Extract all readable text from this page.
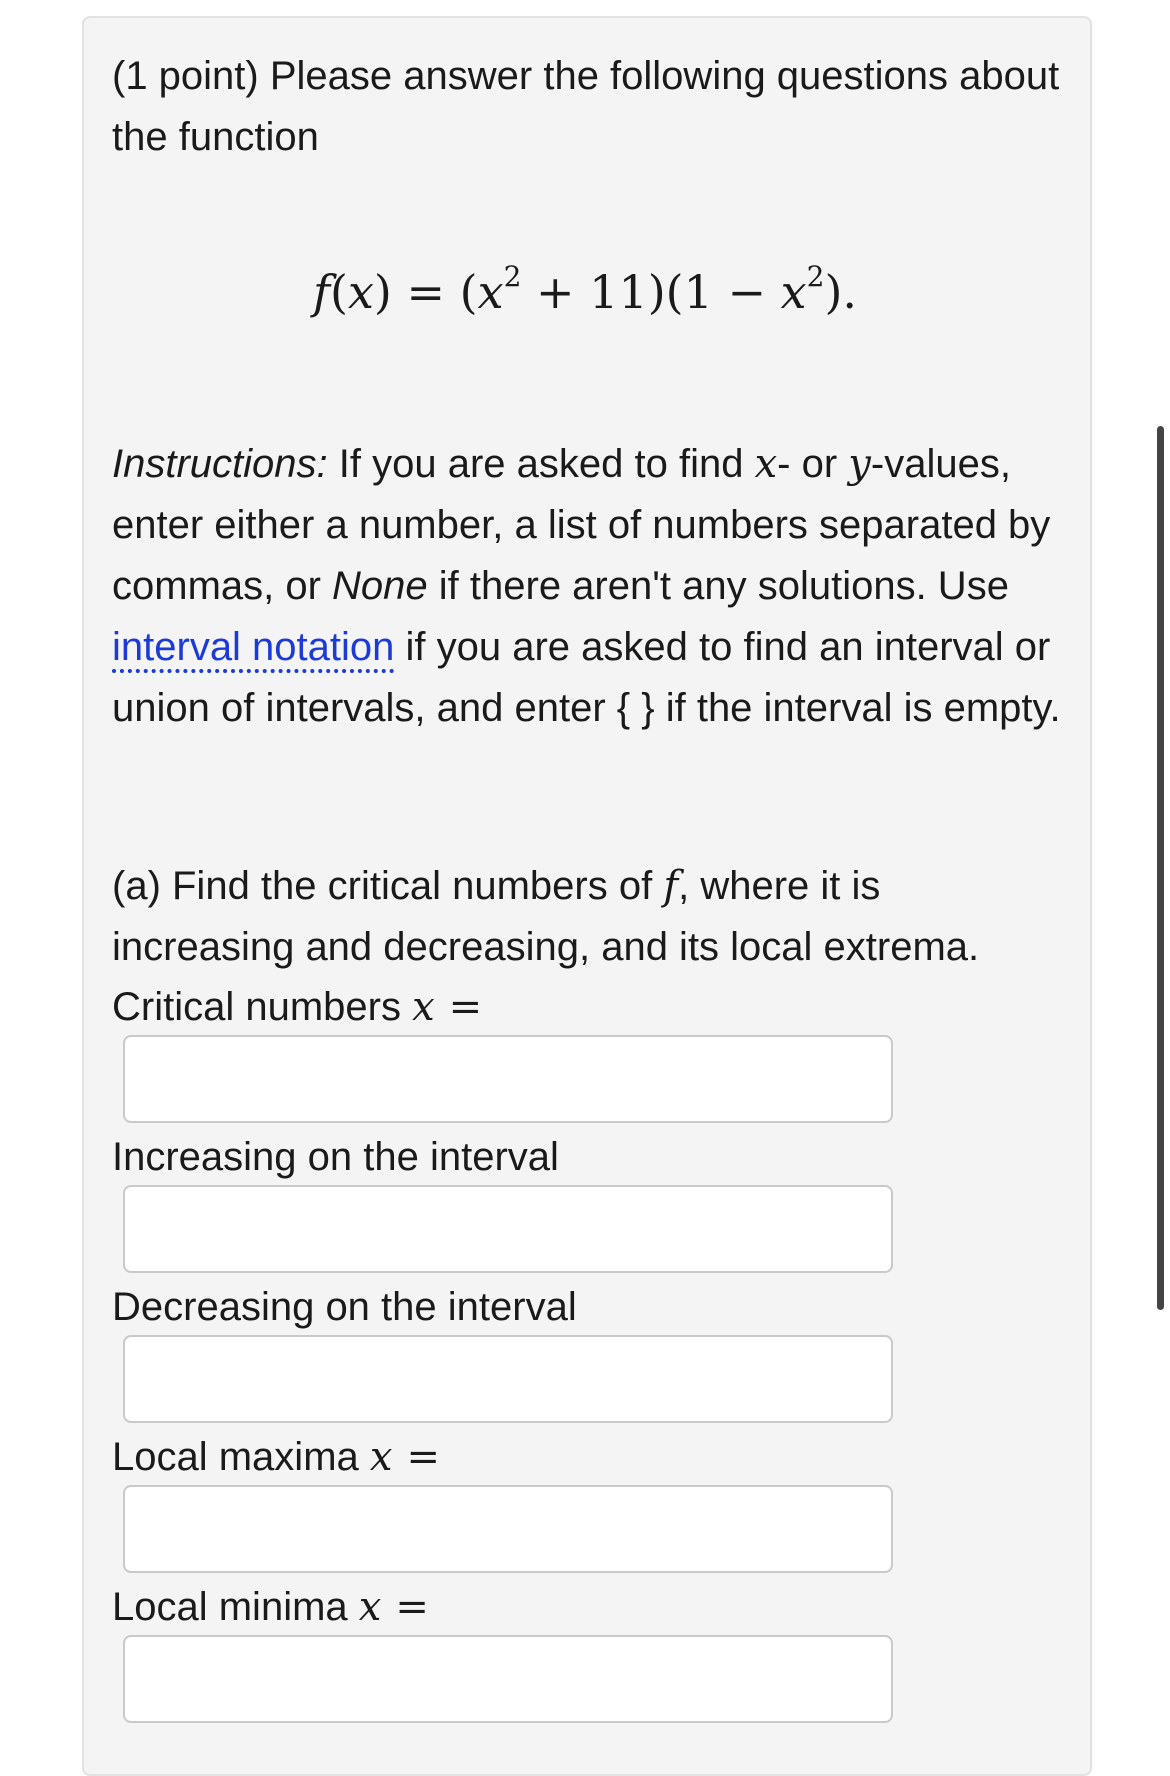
(1 point) Please answer the following questions about the function
$f(x) = (x^2 + 11)(1 - x^2)$.
Instructions: If you are asked to find x- or y-values, enter either a number, a list of numbers separated by commas, or None if there aren't any solutions. Use interval notation if you are asked to find an interval or union of intervals, and enter { } if the interval is empty.
(a) Find the critical numbers of f, where it is increasing and decreasing, and its local extrema.
Critical numbers x =
Increasing on the interval
Decreasing on the interval
Local maxima x =
Local minima x =
